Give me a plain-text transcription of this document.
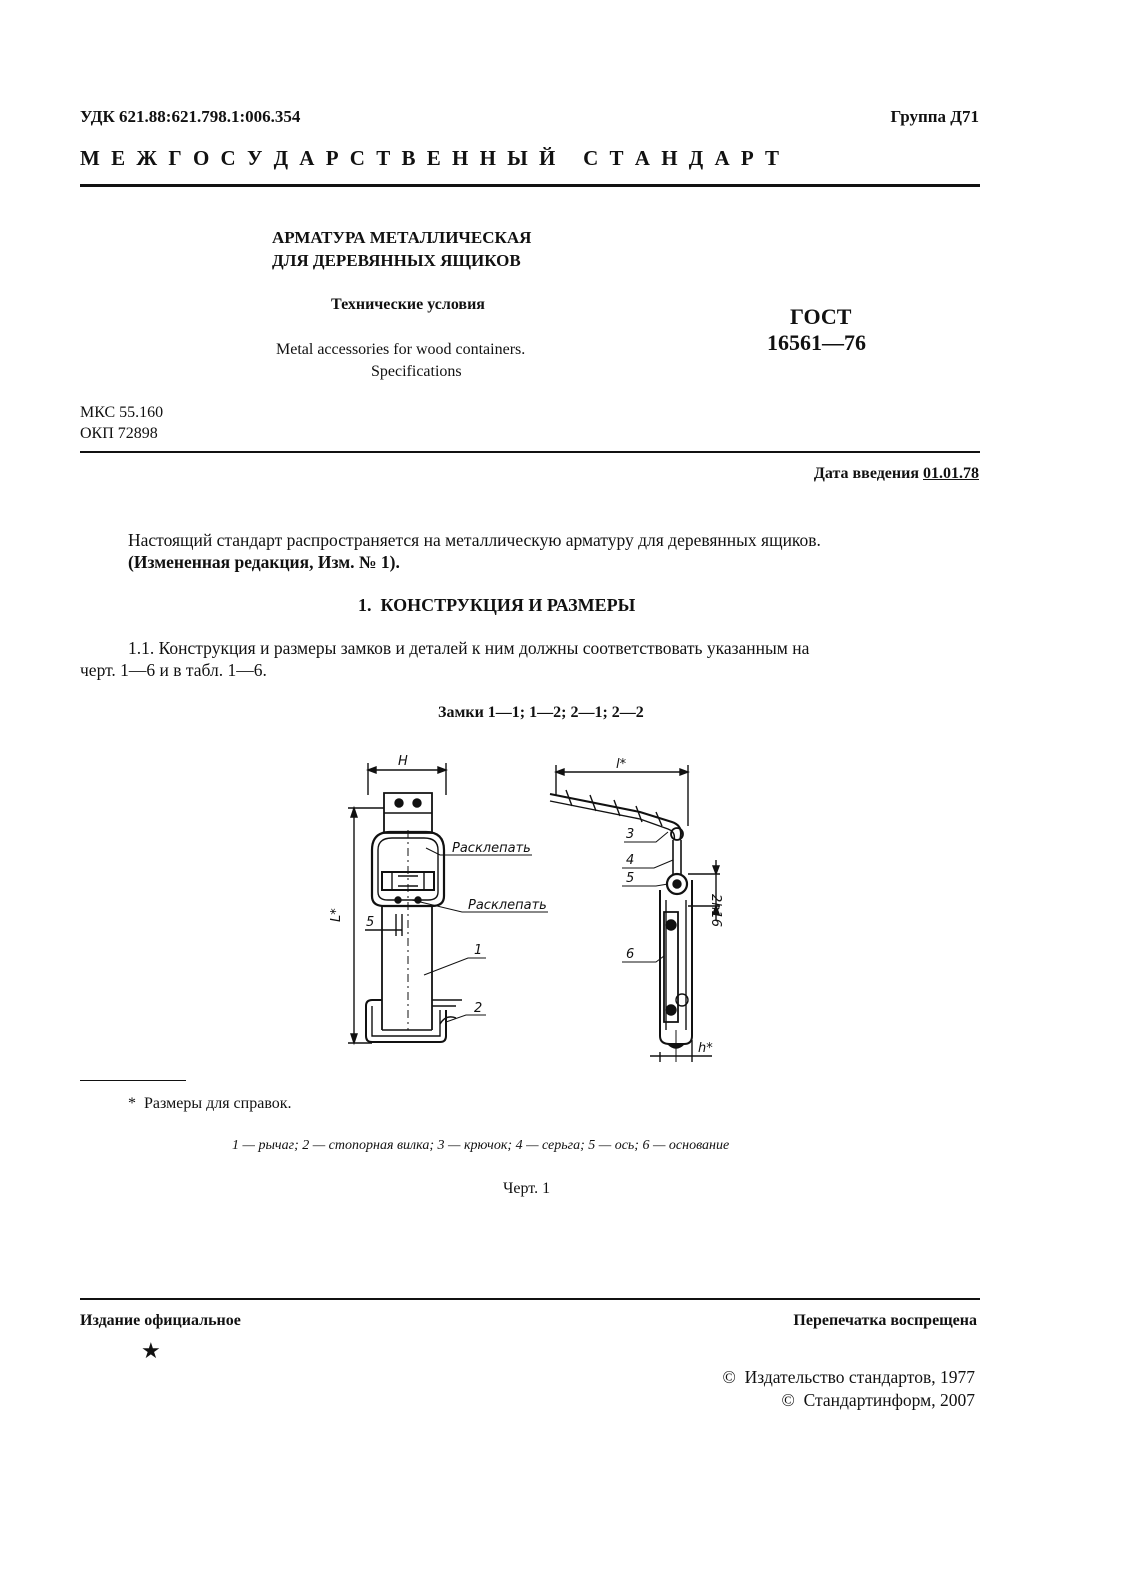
УДК 621.88:621.798.1:006.354	Группа Д71
М Е Ж Г О С У Д А Р С Т В Е Н Н Ы Й   С Т А Н Д А Р Т
АРМАТУРА МЕТАЛЛИЧЕСКАЯ
ДЛЯ ДЕРЕВЯННЫХ ЯЩИКОВ
Технические условия
Metal accessories for wood containers.
Specifications
ГОСТ
16561—76
МКС 55.160
ОКП 72898
Дата введения 01.01.78
Настоящий стандарт распространяется на металлическую арматуру для деревянных ящиков.
(Измененная редакция, Изм. № 1).
1.  КОНСТРУКЦИЯ И РАЗМЕРЫ
1.1. Конструкция и размеры замков и деталей к ним должны соответствовать указанным на
черт. 1—6 и в табл. 1—6.
Замки 1—1; 1—2; 2—1; 2—2
H
L* 5
Расклепать
Расклепать
1
2
l*
3
4
5
6
2h16
h*
*  Размеры для справок.
1 — рычаг; 2 — стопорная вилка; 3 — крючок; 4 — серьга; 5 — ось; 6 — основание
Черт. 1
Издание официальное	Перепечатка воспрещена
★
©  Издательство стандартов, 1977
©  Стандартинформ, 2007
